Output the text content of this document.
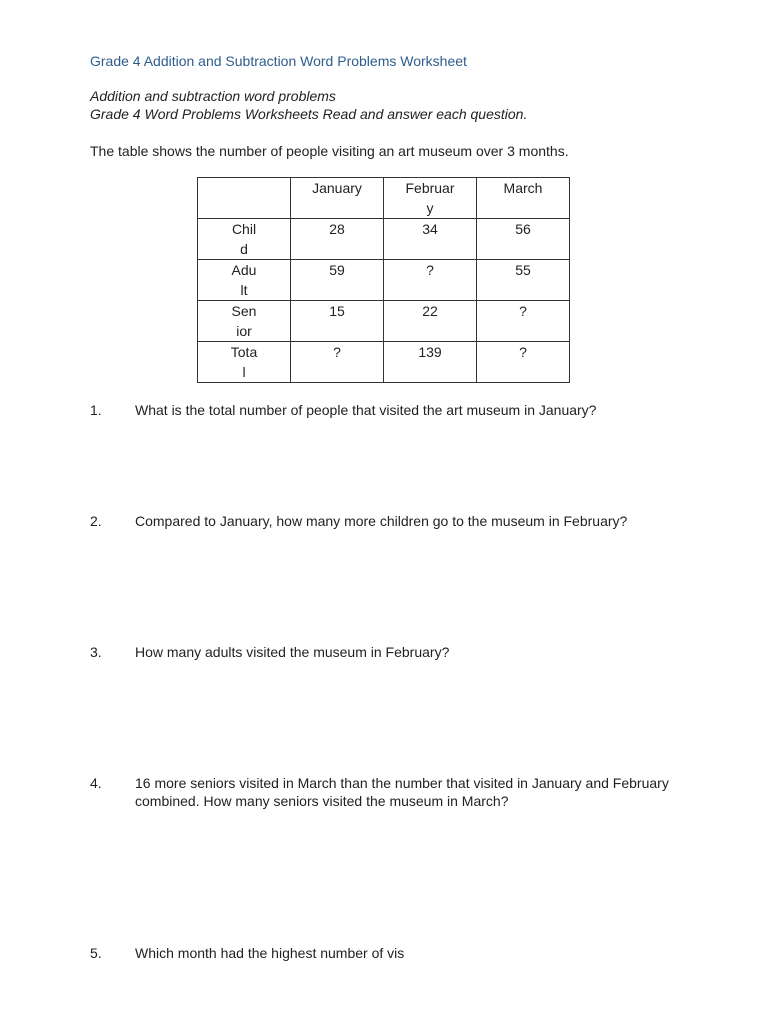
Grade 4 Addition and Subtraction Word Problems Worksheet
Addition and subtraction word problems
Grade 4 Word Problems Worksheets Read and answer each question.
The table shows the number of people visiting an art museum over 3 months.
	January	February	March
Child	28	34	56
Adult	59	?	55
Senior	15	22	?
Total	?	139	?
1. What is the total number of people that visited the art museum in January?
2. Compared to January, how many more children go to the museum in February?
3. How many adults visited the museum in February?
4. 16 more seniors visited in March than the number that visited in January and February combined. How many seniors visited the museum in March?
5. Which month had the highest number of vis
